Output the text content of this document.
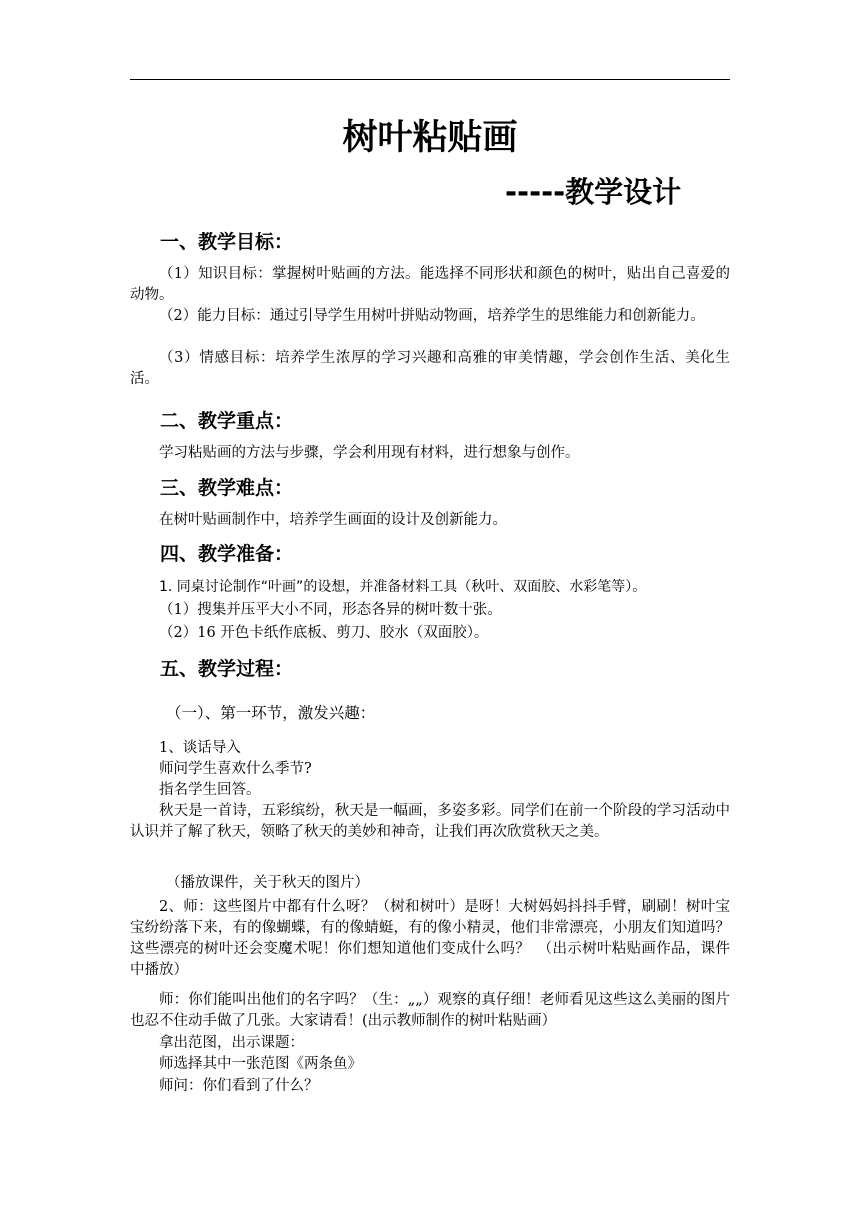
树叶粘贴画
-----教学设计
一、教学目标：

（1）知识目标：掌握树叶贴画的方法。能选择不同形状和颜色的树叶，贴出自己喜爱的动物。

（2）能力目标：通过引导学生用树叶拼贴动物画，培养学生的思维能力和创新能力。

（3）情感目标：培养学生浓厚的学习兴趣和高雅的审美情趣，学会创作生活、美化生活。

二、教学重点：

学习粘贴画的方法与步骤，学会利用现有材料，进行想象与创作。

三、教学难点：

在树叶贴画制作中，培养学生画面的设计及创新能力。

四、教学准备：

1. 同桌讨论制作“叶画”的设想，并准备材料工具（秋叶、双面胶、水彩笔等）。

（1）搜集并压平大小不同，形态各异的树叶数十张。

（2）16 开色卡纸作底板、剪刀、胶水（双面胶）。

五、教学过程：

（一）、第一环节，激发兴趣：

1、谈话导入

师问学生喜欢什么季节?

指名学生回答。

秋天是一首诗，五彩缤纷，秋天是一幅画，多姿多彩。同学们在前一个阶段的学习活动中认识并了解了秋天，领略了秋天的美妙和神奇，让我们再次欣赏秋天之美。

（播放课件，关于秋天的图片）

2、师：这些图片中都有什么呀？（树和树叶）是呀！大树妈妈抖抖手臂，刷刷！树叶宝宝纷纷落下来，有的像蝴蝶，有的像蜻蜓，有的像小精灵，他们非常漂亮，小朋友们知道吗？这些漂亮的树叶还会变魔术呢！你们想知道他们变成什么吗？　（出示树叶粘贴画作品，课件中播放）

师：你们能叫出他们的名字吗？（生：„„）观察的真仔细！老师看见这些这么美丽的图片也忍不住动手做了几张。大家请看！(出示教师制作的树叶粘贴画）

拿出范图，出示课题：

师选择其中一张范图《两条鱼》

师问：你们看到了什么？
